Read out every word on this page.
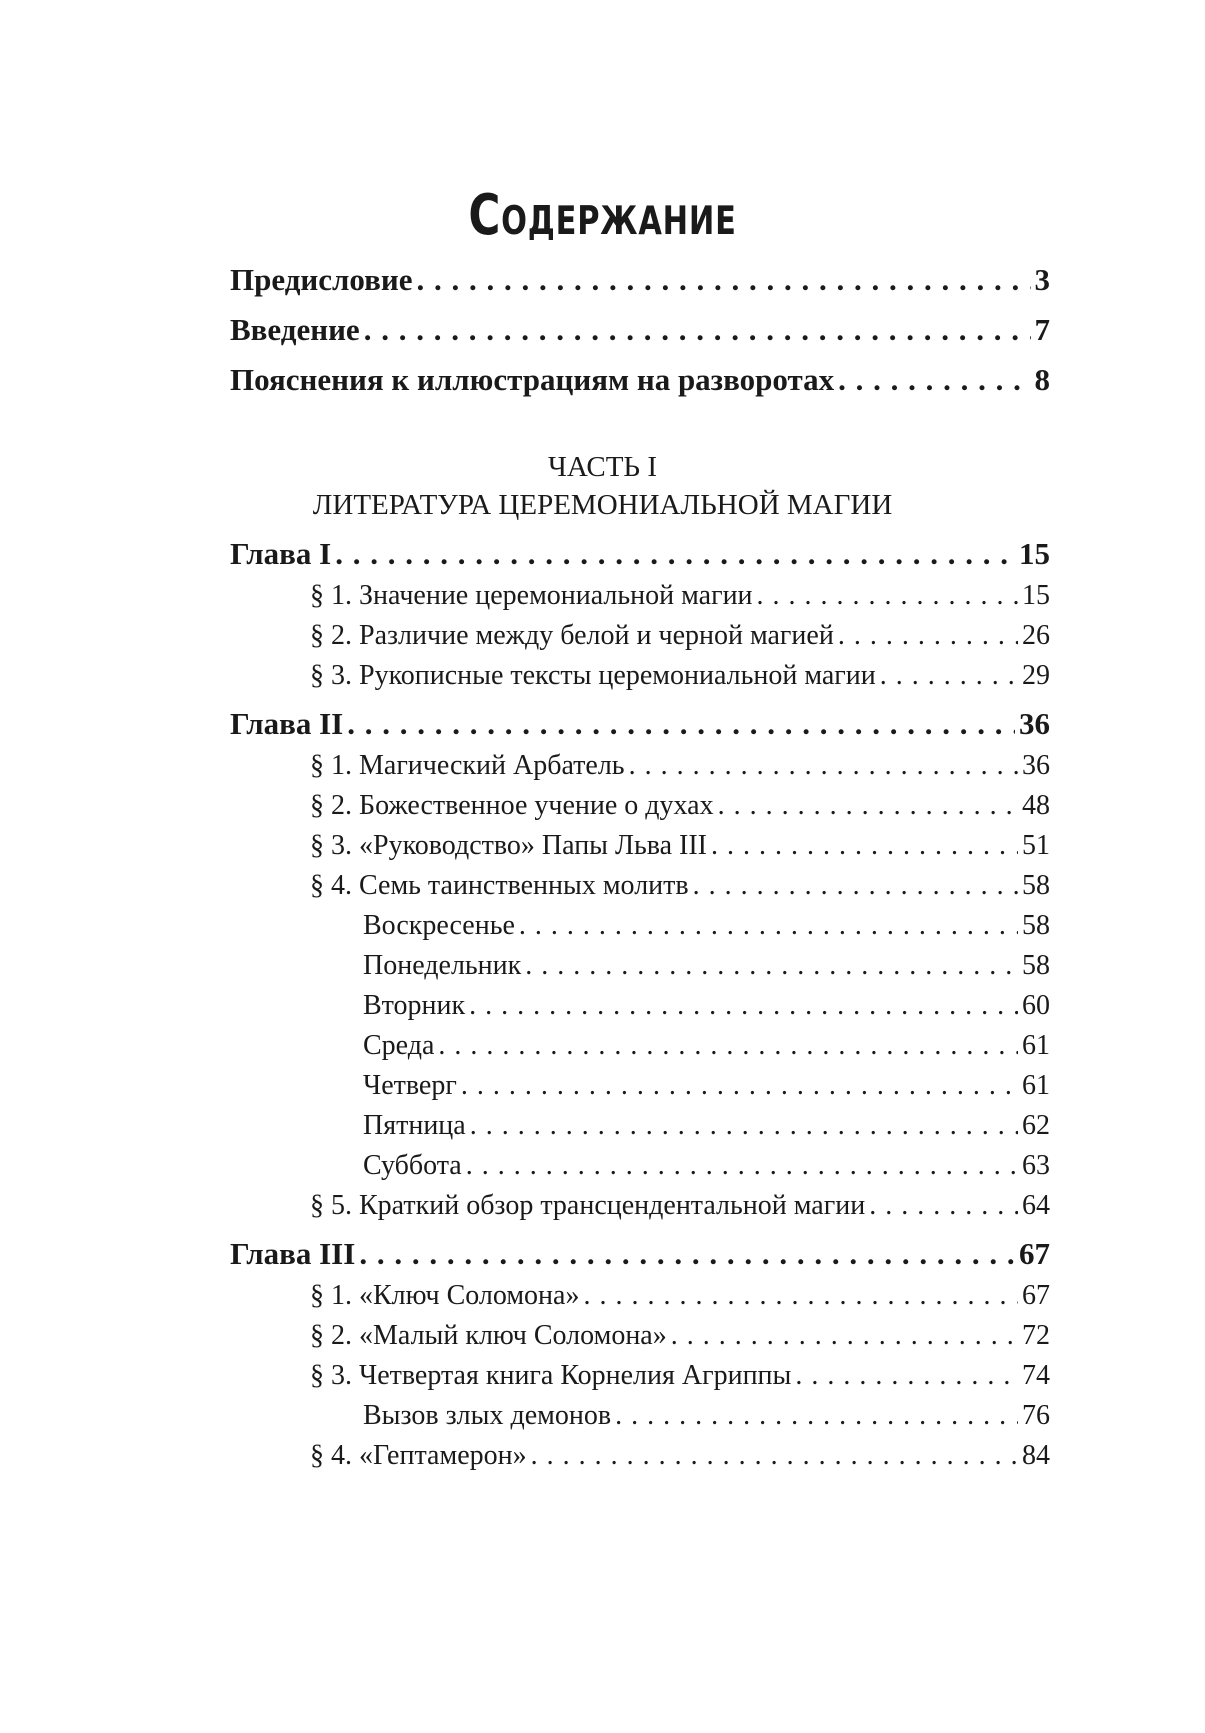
Содержание
Предисловие . . .	3
Введение . . .	7
Пояснения к иллюстрациям на разворотах . . .	8
ЧАСТЬ I
ЛИТЕРАТУРА ЦЕРЕМОНИАЛЬНОЙ МАГИИ
Глава I . . .	15
§ 1. Значение церемониальной магии . . .	15
§ 2. Различие между белой и черной магией . . .	26
§ 3. Рукописные тексты церемониальной магии . . .	29
Глава II . . .	36
§ 1. Магический Арбатель . . .	36
§ 2. Божественное учение о духах . . .	48
§ 3. «Руководство» Папы Льва III . . .	51
§ 4. Семь таинственных молитв . . .	58
Воскресенье . . .	58
Понедельник . . .	58
Вторник . . .	60
Среда . . .	61
Четверг . . .	61
Пятница . . .	62
Суббота . . .	63
§ 5. Краткий обзор трансцендентальной магии . . .	64
Глава III . . .	67
§ 1. «Ключ Соломона» . . .	67
§ 2. «Малый ключ Соломона» . . .	72
§ 3. Четвертая книга Корнелия Агриппы . . .	74
Вызов злых демонов . . .	76
§ 4. «Гептамерон» . . .	84
